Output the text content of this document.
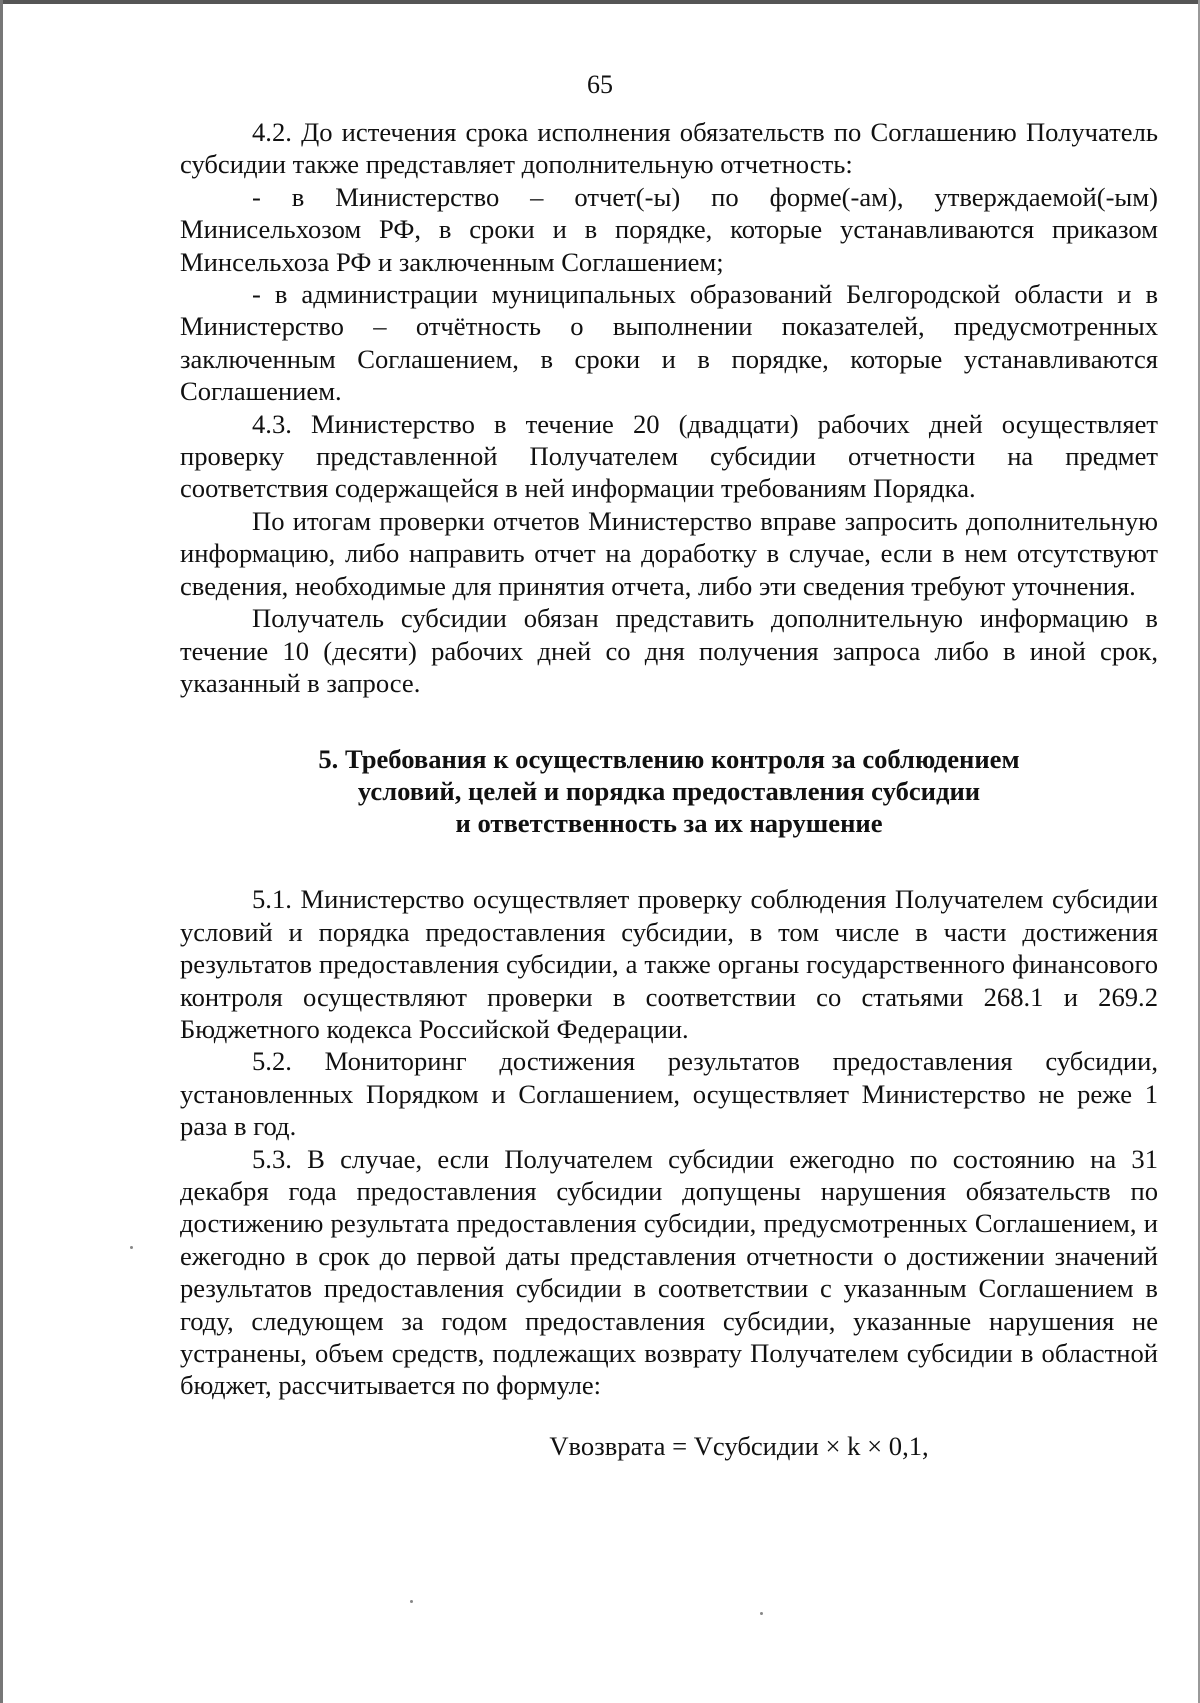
65

4.2. До истечения срока исполнения обязательств по Соглашению Получатель субсидии также представляет дополнительную отчетность:

- в Министерство – отчет(-ы) по форме(-ам), утверждаемой(-ым) Минисельхозом РФ, в сроки и в порядке, которые устанавливаются приказом Минсельхоза РФ и заключенным Соглашением;

- в администрации муниципальных образований Белгородской области и в Министерство – отчётность о выполнении показателей, предусмотренных заключенным Соглашением, в сроки и в порядке, которые устанавливаются Соглашением.

4.3. Министерство в течение 20 (двадцати) рабочих дней осуществляет проверку представленной Получателем субсидии отчетности на предмет соответствия содержащейся в ней информации требованиям Порядка.

По итогам проверки отчетов Министерство вправе запросить дополнительную информацию, либо направить отчет на доработку в случае, если в нем отсутствуют сведения, необходимые для принятия отчета, либо эти сведения требуют уточнения.

Получатель субсидии обязан представить дополнительную информацию в течение 10 (десяти) рабочих дней со дня получения запроса либо в иной срок, указанный в запросе.

5. Требования к осуществлению контроля за соблюдением
условий, целей и порядка предоставления субсидии
и ответственность за их нарушение

5.1. Министерство осуществляет проверку соблюдения Получателем субсидии условий и порядка предоставления субсидии, в том числе в части достижения результатов предоставления субсидии, а также органы государственного финансового контроля осуществляют проверки в соответствии со статьями 268.1 и 269.2 Бюджетного кодекса Российской Федерации.

5.2. Мониторинг достижения результатов предоставления субсидии, установленных Порядком и Соглашением, осуществляет Министерство не реже 1 раза в год.

5.3. В случае, если Получателем субсидии ежегодно по состоянию на 31 декабря года предоставления субсидии допущены нарушения обязательств по достижению результата предоставления субсидии, предусмотренных Соглашением, и ежегодно в срок до первой даты представления отчетности о достижении значений результатов предоставления субсидии в соответствии с указанным Соглашением в году, следующем за годом предоставления субсидии, указанные нарушения не устранены, объем средств, подлежащих возврату Получателем субсидии в областной бюджет, рассчитывается по формуле:

Vвозврата = Vсубсидии × k × 0,1,
